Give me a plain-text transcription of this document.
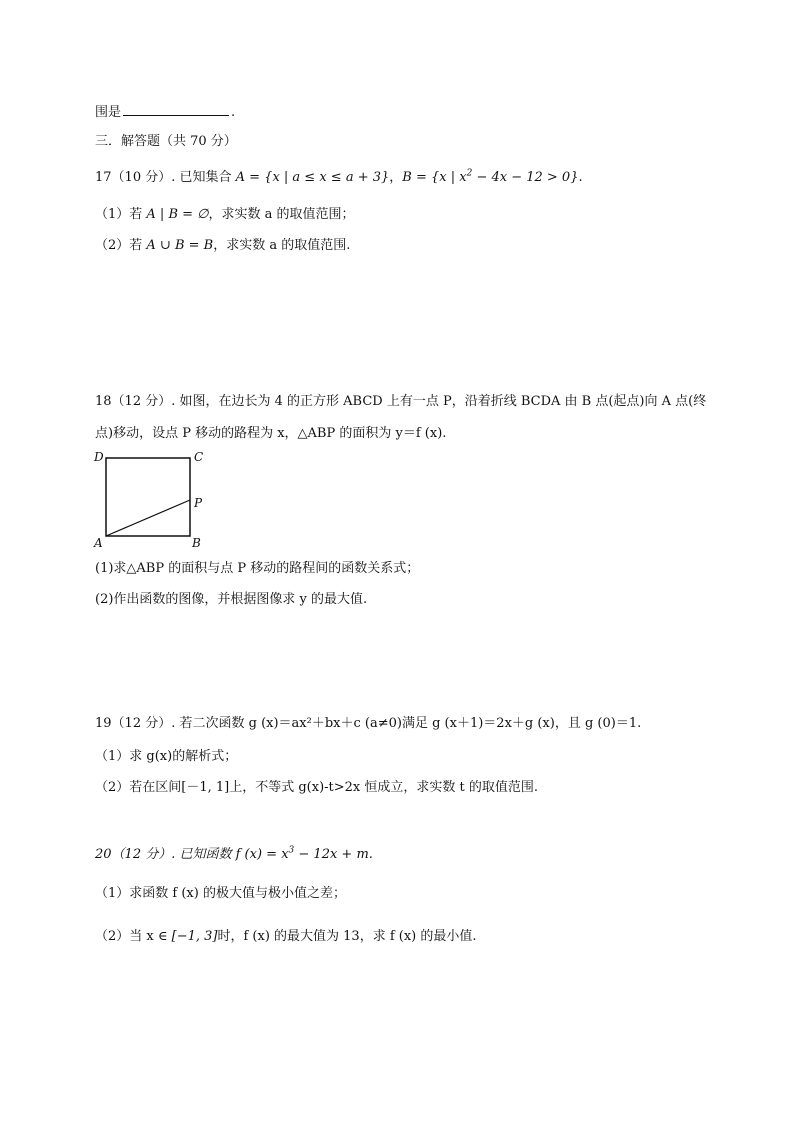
围是	.
三．解答题（共 70 分）
17（10 分）. 已知集合 A = {x | a ≤ x ≤ a + 3}，B = {x | $x^2 - 4x - 12 > 0$}.
（1）若 A | B = ∅，求实数 a 的取值范围；
（2）若 A ∪ B = B，求实数 a 的取值范围.
18（12 分）. 如图，在边长为 4 的正方形 ABCD 上有一点 P，沿着折线 BCDA 由 B 点(起点)向 A 点(终
点)移动，设点 P 移动的路程为 x，△ABP 的面积为 y＝f (x).
D	C
P
A	B
(1)求△ABP 的面积与点 P 移动的路程间的函数关系式；
(2)作出函数的图像，并根据图像求 y 的最大值.
19（12 分）. 若二次函数 g (x)＝ax²＋bx＋c (a≠0)满足 g (x＋1)＝2x＋g (x)，且 g (0)＝1.
（1）求 g(x)的解析式；
（2）若在区间[－1, 1]上，不等式 g(x)-t>2x 恒成立，求实数 t 的取值范围.
20（12 分）. 已知函数 f $(x) = x^3 - 12x + m$.
（1）求函数 f (x) 的极大值与极小值之差；
（2）当 x ∈ [−1, 3]时，f (x) 的最大值为 13，求 f (x) 的最小值.
